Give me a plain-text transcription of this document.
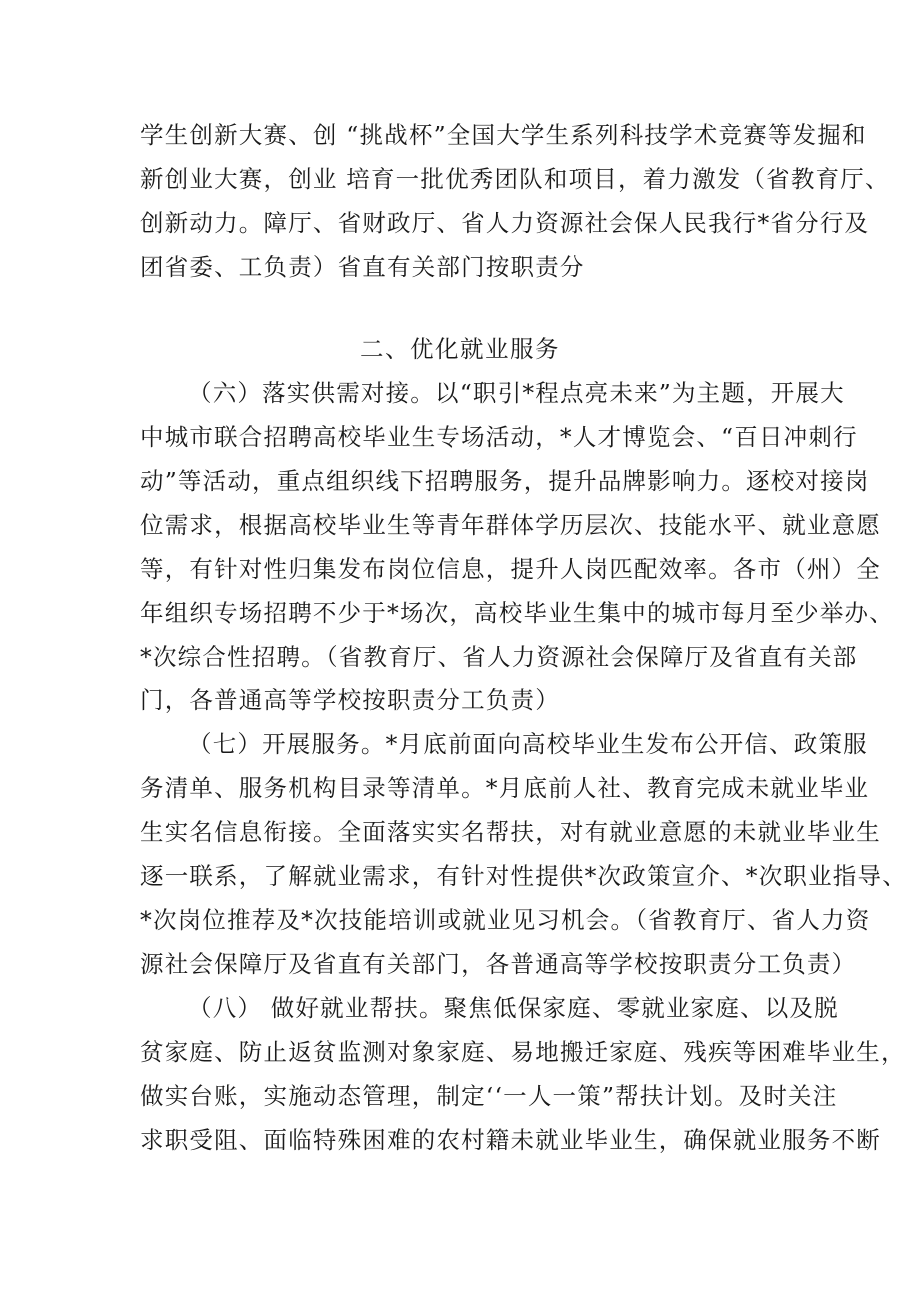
学生创新大赛、创 “挑战杯”全国大学生系列科技学术竞赛等发掘和
新创业大赛，创业 培育一批优秀团队和项目，着力激发（省教育厅、
创新动力。障厅、省财政厅、省人力资源社会保人民我行*省分行及
团省委、工负责）省直有关部门按职责分
二、优化就业服务
（六）落实供需对接。以“职引*程点亮未来”为主题，开展大
中城市联合招聘高校毕业生专场活动，*人才博览会、“百日冲刺行
动”等活动，重点组织线下招聘服务，提升品牌影响力。逐校对接岗
位需求，根据高校毕业生等青年群体学历层次、技能水平、就业意愿
等，有针对性归集发布岗位信息，提升人岗匹配效率。各市（州）全
年组织专场招聘不少于*场次，高校毕业生集中的城市每月至少举办、
*次综合性招聘。（省教育厅、省人力资源社会保障厅及省直有关部
门，各普通高等学校按职责分工负责）
（七）开展服务。*月底前面向高校毕业生发布公开信、政策服
务清单、服务机构目录等清单。*月底前人社、教育完成未就业毕业
生实名信息衔接。全面落实实名帮扶，对有就业意愿的未就业毕业生
逐一联系，了解就业需求，有针对性提供*次政策宣介、*次职业指导、
*次岗位推荐及*次技能培训或就业见习机会。（省教育厅、省人力资
源社会保障厅及省直有关部门，各普通高等学校按职责分工负责）
（八） 做好就业帮扶。聚焦低保家庭、零就业家庭、以及脱
贫家庭、防止返贫监测对象家庭、易地搬迁家庭、残疾等困难毕业生，
做实台账，实施动态管理，制定‘‘一人一策”帮扶计划。及时关注
求职受阻、面临特殊困难的农村籍未就业毕业生，确保就业服务不断
